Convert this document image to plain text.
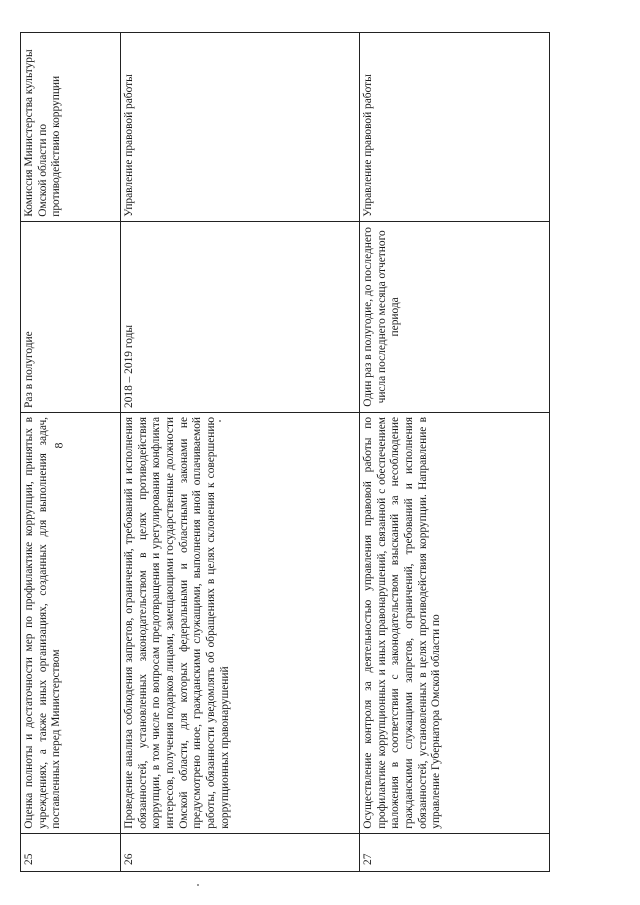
8
25	Оценка полноты и достаточности мер по профилактике коррупции, принятых в учреждениях, а также иных организациях, созданных для выполнения задач, поставленных перед Министерством	Раз в полугодие	Комиссия Министерства культуры Омской области по противодействию коррупции
26	Проведение анализа соблюдения запретов, ограничений, требований и исполнения обязанностей, установленных законодательством в целях противодействия коррупции, в том числе по вопросам предотвращения и урегулирования конфликта интересов, получения подарков лицами, замещающими государственные должности Омской области, для которых федеральными и областными законами не предусмотрено иное, гражданскими служащими, выполнения иной оплачиваемой работы, обязанности уведомлять об обращениях в целях склонения к совершению коррупционных правонарушений	2018 – 2019 годы	Управление правовой работы
27	Осуществление контроля за деятельностью управления правовой работы по профилактике коррупционных и иных правонарушений, связанной с обеспечением наложения в соответствии с законодательством взысканий за несоблюдение гражданскими служащими запретов, ограничений, требований и исполнения обязанностей, установленных в целях противодействия коррупции. Направление в управление Губернатора Омской области по	Один раз в полугодие, до последнего числа последнего месяца отчетного периода	Управление правовой работы
